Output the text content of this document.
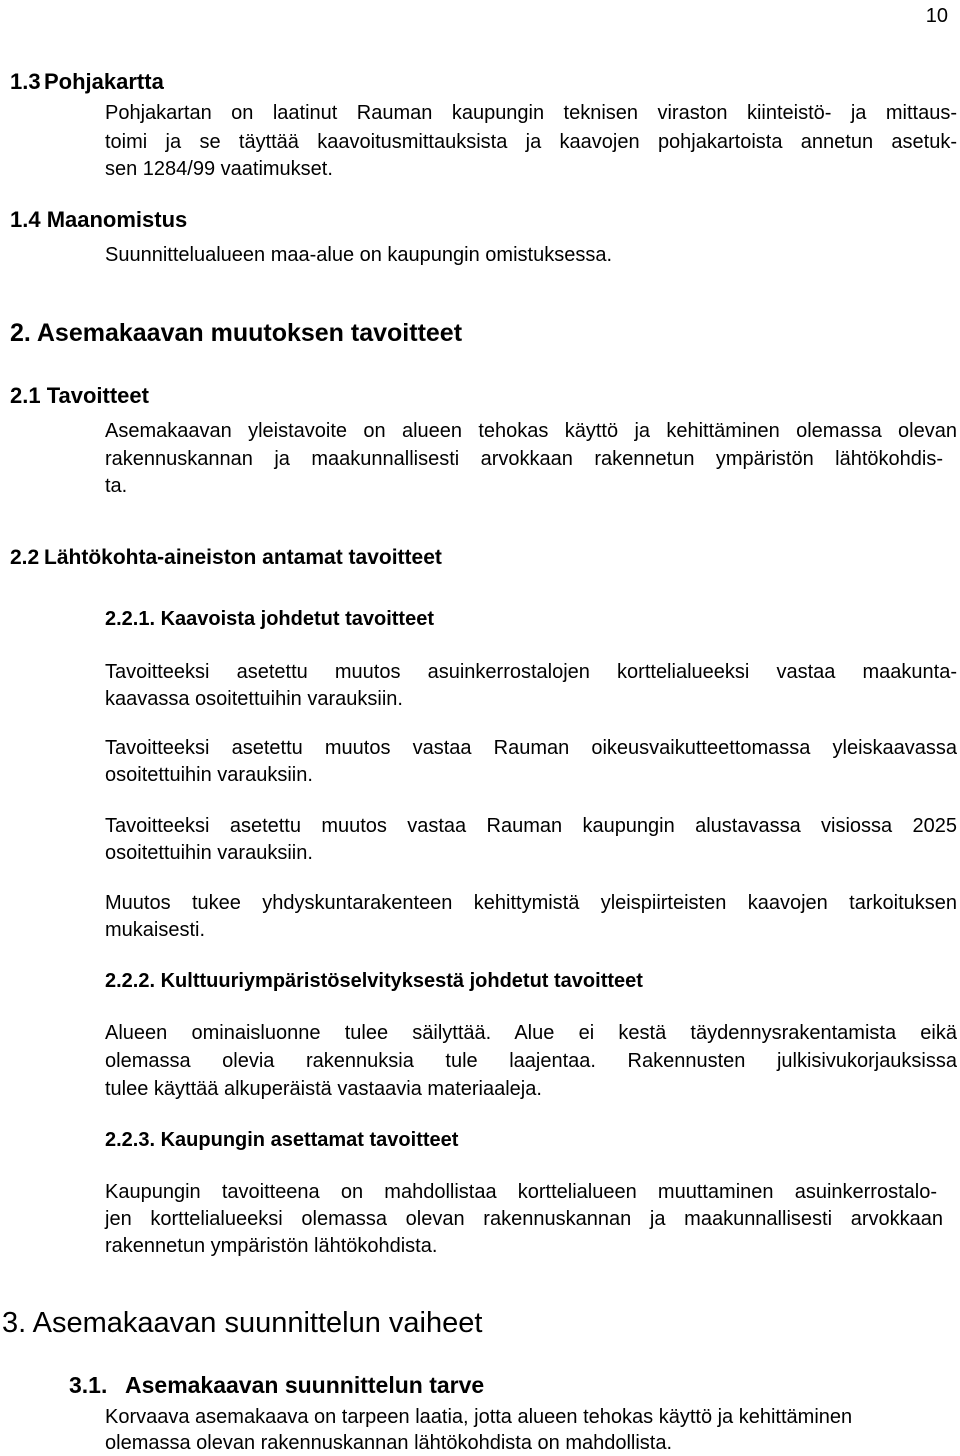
10
1.3 Pohjakartta
Pohjakartan on laatinut Rauman kaupungin teknisen viraston kiinteistö- ja mittaus-
toimi ja se täyttää kaavoitusmittauksista ja kaavojen pohjakartoista annetun asetuk-
sen 1284/99 vaatimukset.
1.4 Maanomistus
Suunnittelualueen maa-alue on kaupungin omistuksessa.
2. Asemakaavan muutoksen tavoitteet
2.1 Tavoitteet
Asemakaavan yleistavoite on alueen tehokas käyttö ja kehittäminen olemassa olevan
rakennuskannan ja maakunnallisesti arvokkaan rakennetun ympäristön lähtökohdis-
ta.
2.2 Lähtökohta-aineiston antamat tavoitteet
2.2.1. Kaavoista johdetut tavoitteet
Tavoitteeksi asetettu muutos asuinkerrostalojen korttelialueeksi vastaa maakunta-
kaavassa osoitettuihin varauksiin.
Tavoitteeksi asetettu muutos vastaa Rauman oikeusvaikutteettomassa yleiskaavassa
osoitettuihin varauksiin.
Tavoitteeksi asetettu muutos vastaa Rauman kaupungin alustavassa visiossa 2025
osoitettuihin varauksiin.
Muutos tukee yhdyskuntarakenteen kehittymistä yleispiirteisten kaavojen tarkoituksen
mukaisesti.
2.2.2. Kulttuuriympäristöselvityksestä johdetut tavoitteet
Alueen ominaisluonne tulee säilyttää. Alue ei kestä täydennysrakentamista eikä
olemassa olevia rakennuksia tule laajentaa. Rakennusten julkisivukorjauksissa
tulee käyttää alkuperäistä vastaavia materiaaleja.
2.2.3. Kaupungin asettamat tavoitteet
Kaupungin tavoitteena on mahdollistaa korttelialueen muuttaminen asuinkerrostalo-
jen korttelialueeksi olemassa olevan rakennuskannan ja maakunnallisesti arvokkaan
rakennetun ympäristön lähtökohdista.
3. Asemakaavan suunnittelun vaiheet
3.1. Asemakaavan suunnittelun tarve
Korvaava asemakaava on tarpeen laatia, jotta alueen tehokas käyttö ja kehittäminen
olemassa olevan rakennuskannan lähtökohdista on mahdollista.
